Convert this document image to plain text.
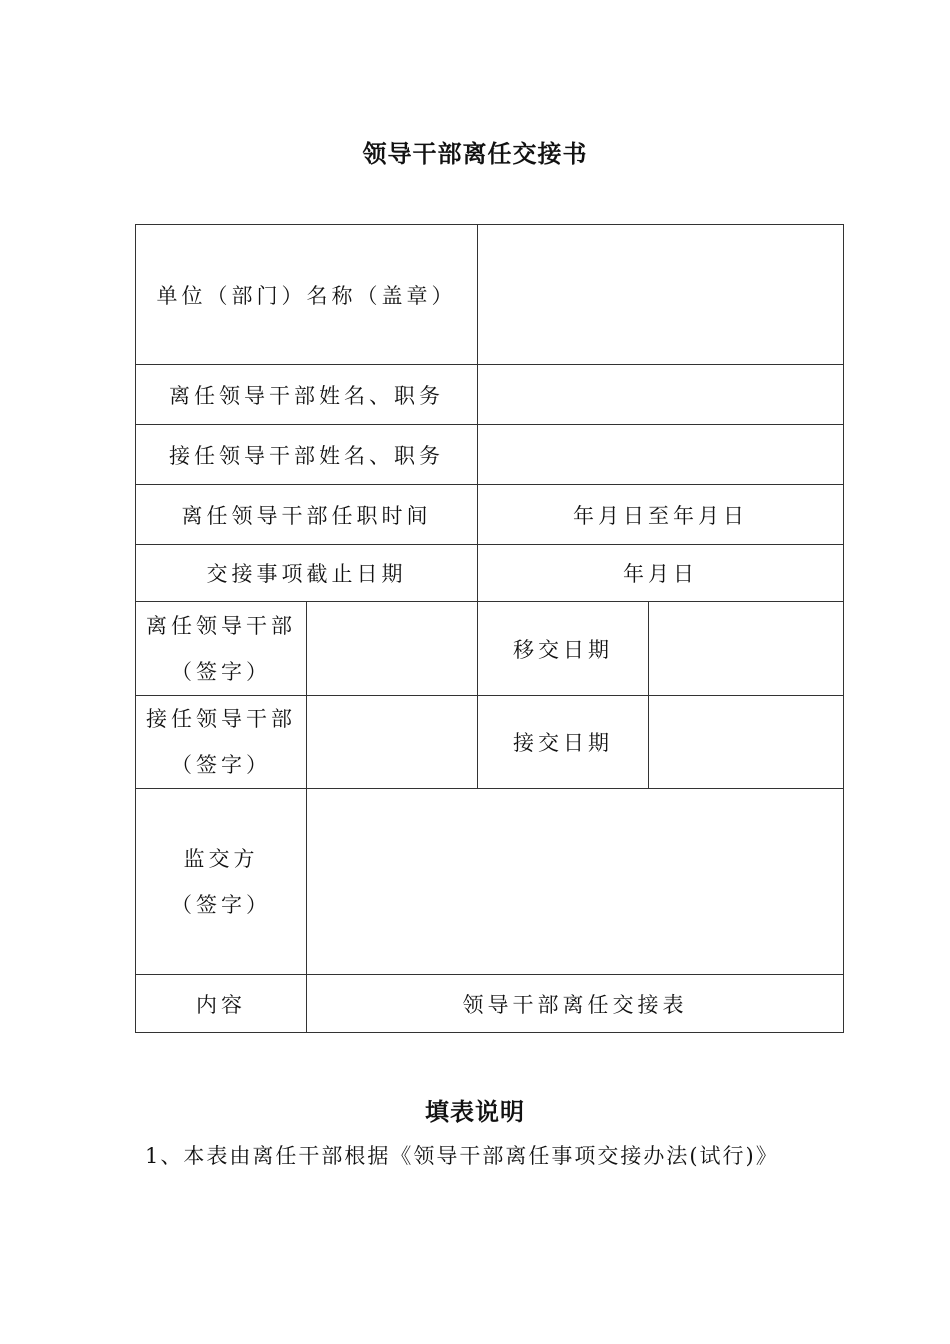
领导干部离任交接书
单位（部门）名称（盖章）			
离任领导干部姓名、职务			
接任领导干部姓名、职务			
离任领导干部任职时间		年月日至年月日	
交接事项截止日期		年月日	

离任领导干部
（签字）		移交日期	

接任领导干部
（签字）		接交日期	

监交方
（签字）			

内容	领导干部离任交接表		
填表说明
1、本表由离任干部根据《领导干部离任事项交接办法(试行)》
